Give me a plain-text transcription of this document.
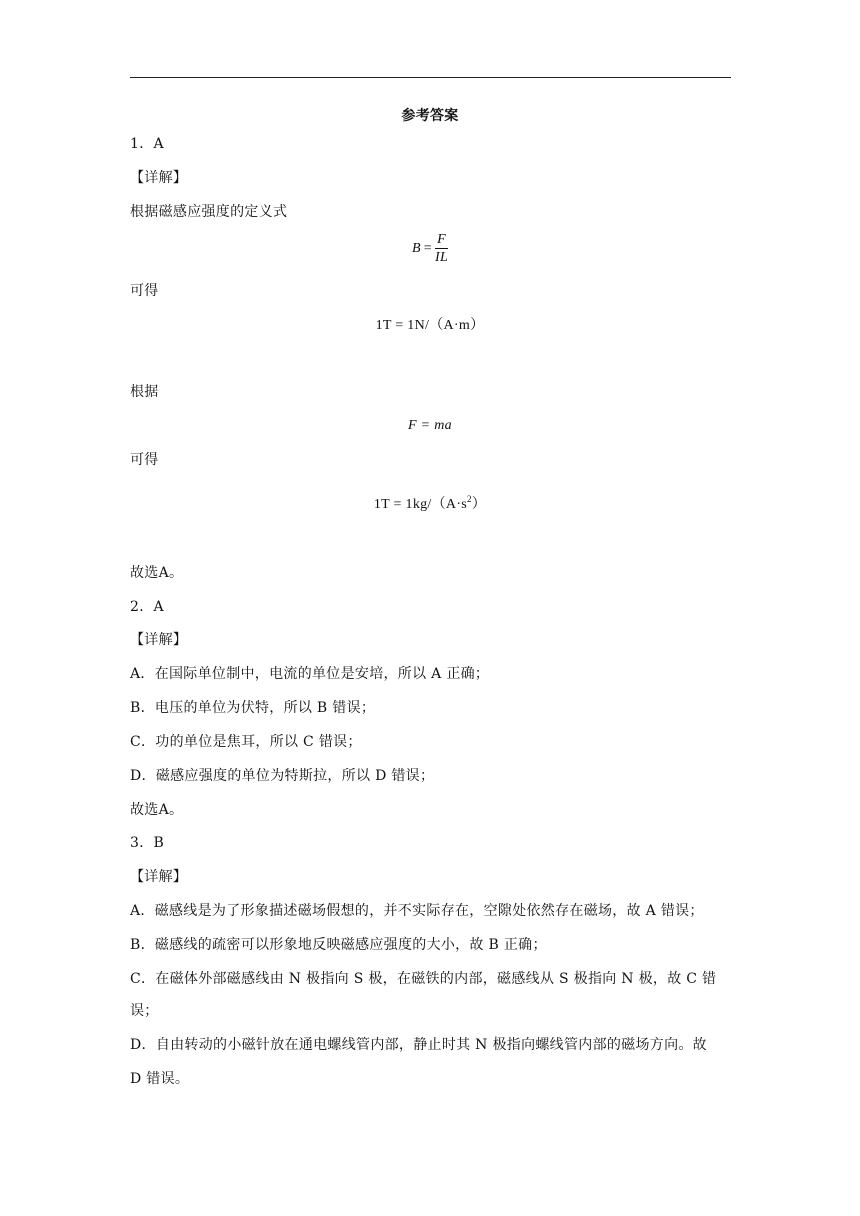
参考答案
1．A
【详解】
根据磁感应强度的定义式
$B = \frac{F}{IL}$
可得
1T = 1N/（A·m）
根据
F = ma
可得
$1T = 1kg/(A\cdot s^2)$
故选A。
2．A
【详解】
A．在国际单位制中，电流的单位是安培，所以 A 正确；
B．电压的单位为伏特，所以 B 错误；
C．功的单位是焦耳，所以 C 错误；
D．磁感应强度的单位为特斯拉，所以 D 错误；
故选A。
3．B
【详解】
A．磁感线是为了形象描述磁场假想的，并不实际存在，空隙处依然存在磁场，故 A 错误；
B．磁感线的疏密可以形象地反映磁感应强度的大小，故 B 正确；
C．在磁体外部磁感线由 N 极指向 S 极，在磁铁的内部，磁感线从 S 极指向 N 极，故 C 错
误；
D．自由转动的小磁针放在通电螺线管内部，静止时其 N 极指向螺线管内部的磁场方向。故
D 错误。
